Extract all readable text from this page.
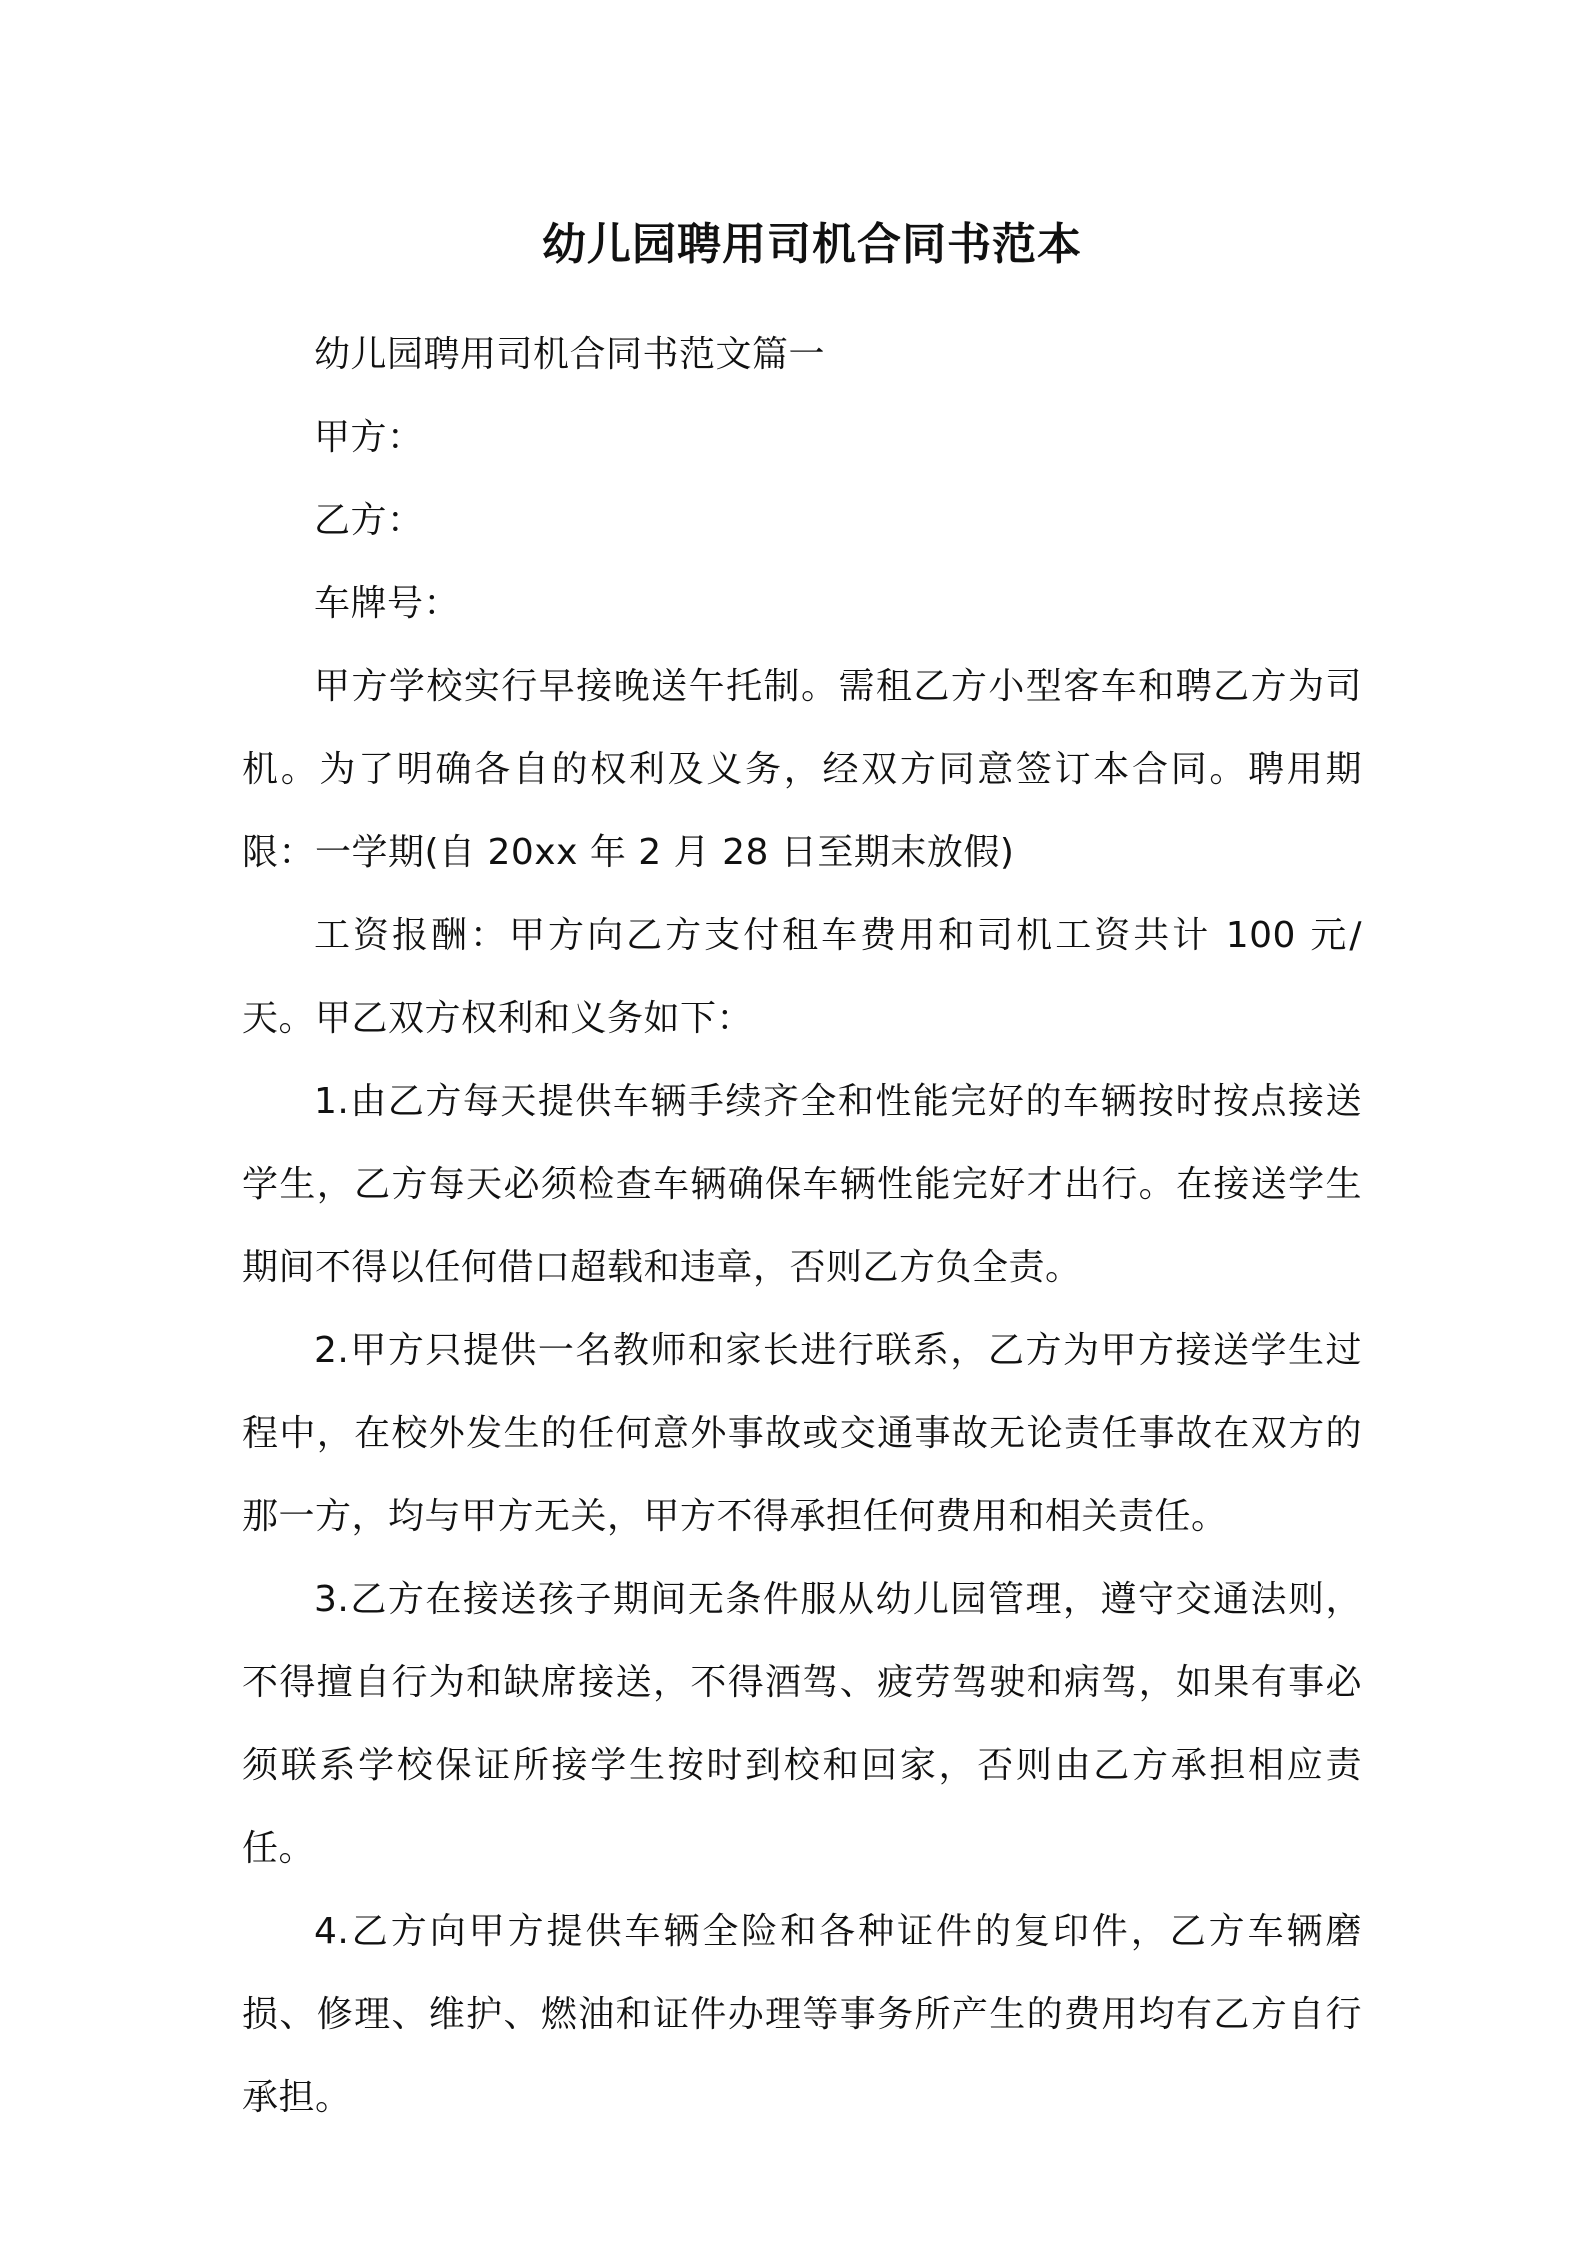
幼儿园聘用司机合同书范本

幼儿园聘用司机合同书范文篇一

甲方：

乙方：

车牌号：

甲方学校实行早接晚送午托制。需租乙方小型客车和聘乙方为司机。为了明确各自的权利及义务，经双方同意签订本合同。聘用期限：一学期(自 20xx 年 2 月 28 日至期末放假)

工资报酬：甲方向乙方支付租车费用和司机工资共计 100 元/天。甲乙双方权利和义务如下：

1.由乙方每天提供车辆手续齐全和性能完好的车辆按时按点接送学生，乙方每天必须检查车辆确保车辆性能完好才出行。在接送学生期间不得以任何借口超载和违章，否则乙方负全责。

2.甲方只提供一名教师和家长进行联系，乙方为甲方接送学生过程中，在校外发生的任何意外事故或交通事故无论责任事故在双方的那一方，均与甲方无关，甲方不得承担任何费用和相关责任。

3.乙方在接送孩子期间无条件服从幼儿园管理，遵守交通法则，不得擅自行为和缺席接送，不得酒驾、疲劳驾驶和病驾，如果有事必须联系学校保证所接学生按时到校和回家，否则由乙方承担相应责任。

4.乙方向甲方提供车辆全险和各种证件的复印件，乙方车辆磨损、修理、维护、燃油和证件办理等事务所产生的费用均有乙方自行承担。
